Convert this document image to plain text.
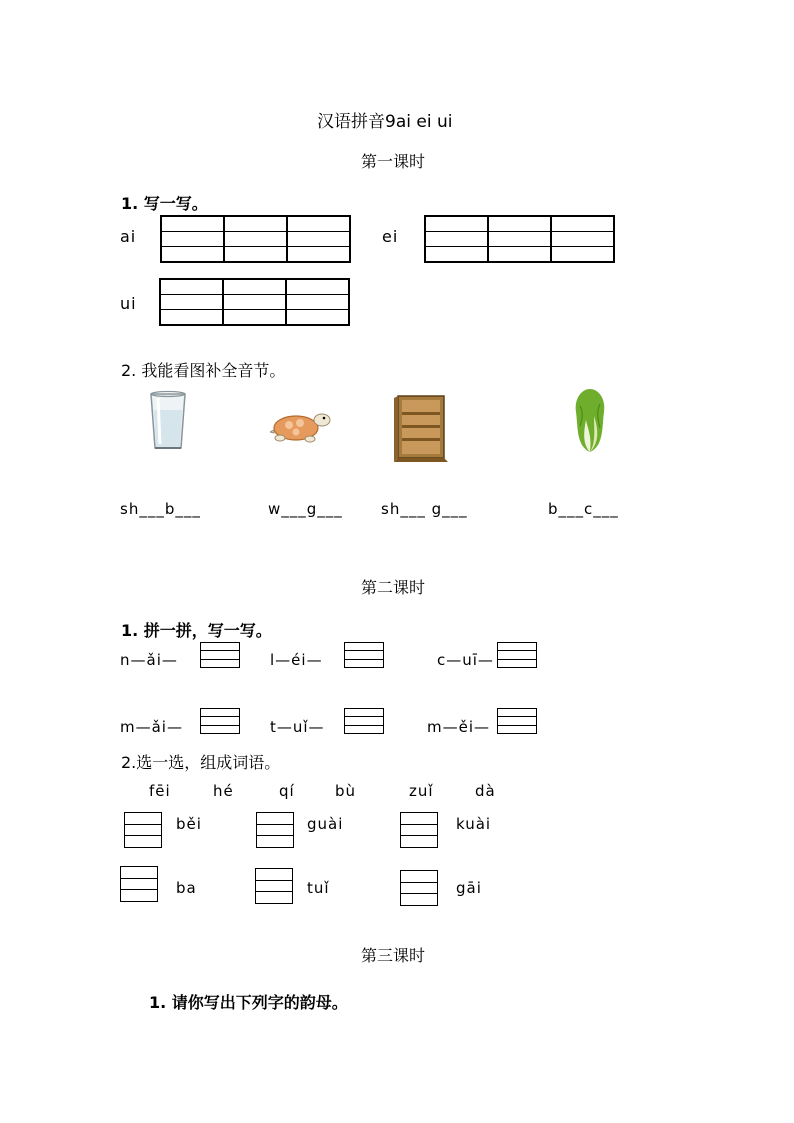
汉语拼音9ai ei ui
第一课时
1. 写一写。
ai	ei
ui
2. 我能看图补全音节。
sh___b___	w___g___	sh___ g___	b___c___
第二课时
1. 拼一拼，写一写。
n—ǎi—	l—éi—	c—uī—
m—ǎi—	t—uǐ—	m—ěi—
2.选一选，组成词语。
fēi	hé	qí	bù	zuǐ	dà
běi	guài	kuài
ba	tuǐ	gāi
第三课时
1. 请你写出下列字的韵母。
